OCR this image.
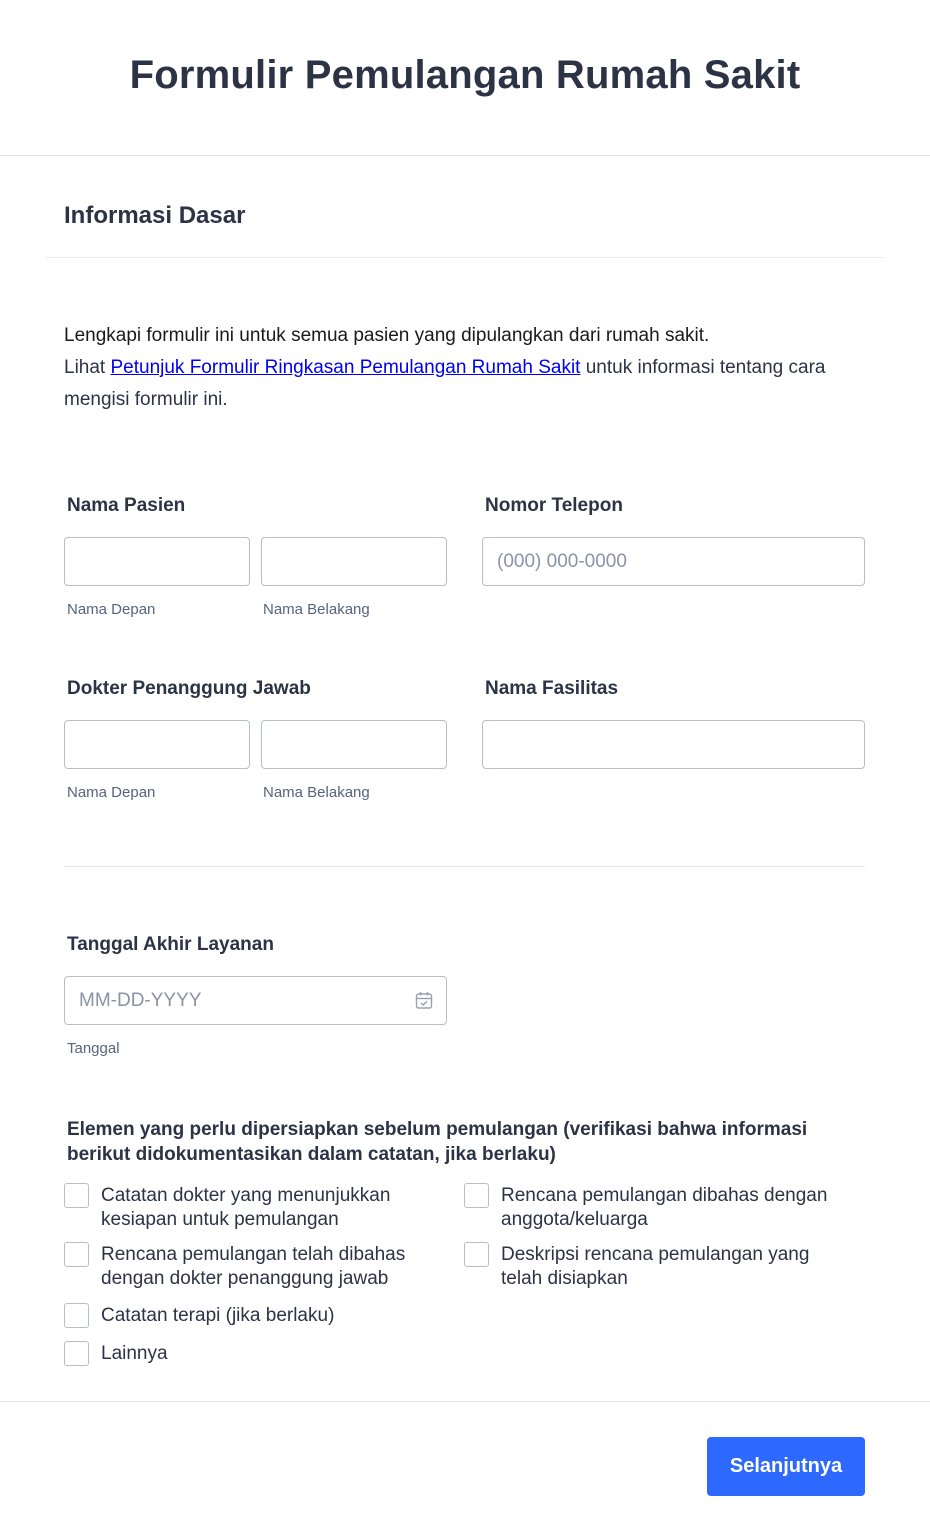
Formulir Pemulangan Rumah Sakit
Informasi Dasar
Lengkapi formulir ini untuk semua pasien yang dipulangkan dari rumah sakit.
Lihat Petunjuk Formulir Ringkasan Pemulangan Rumah Sakit untuk informasi tentang cara mengisi formulir ini.
Nama Pasien
Nama Depan	Nama Belakang
Nomor Telepon
(000) 000-0000
Dokter Penanggung Jawab
Nama Depan	Nama Belakang
Nama Fasilitas
Tanggal Akhir Layanan
MM-DD-YYYY
Tanggal
Elemen yang perlu dipersiapkan sebelum pemulangan (verifikasi bahwa informasi berikut didokumentasikan dalam catatan, jika berlaku)
Catatan dokter yang menunjukkan
kesiapan untuk pemulangan
Rencana pemulangan dibahas dengan
anggota/keluarga
Rencana pemulangan telah dibahas
dengan dokter penanggung jawab
Deskripsi rencana pemulangan yang
telah disiapkan
Catatan terapi (jika berlaku)
Lainnya
Selanjutnya
